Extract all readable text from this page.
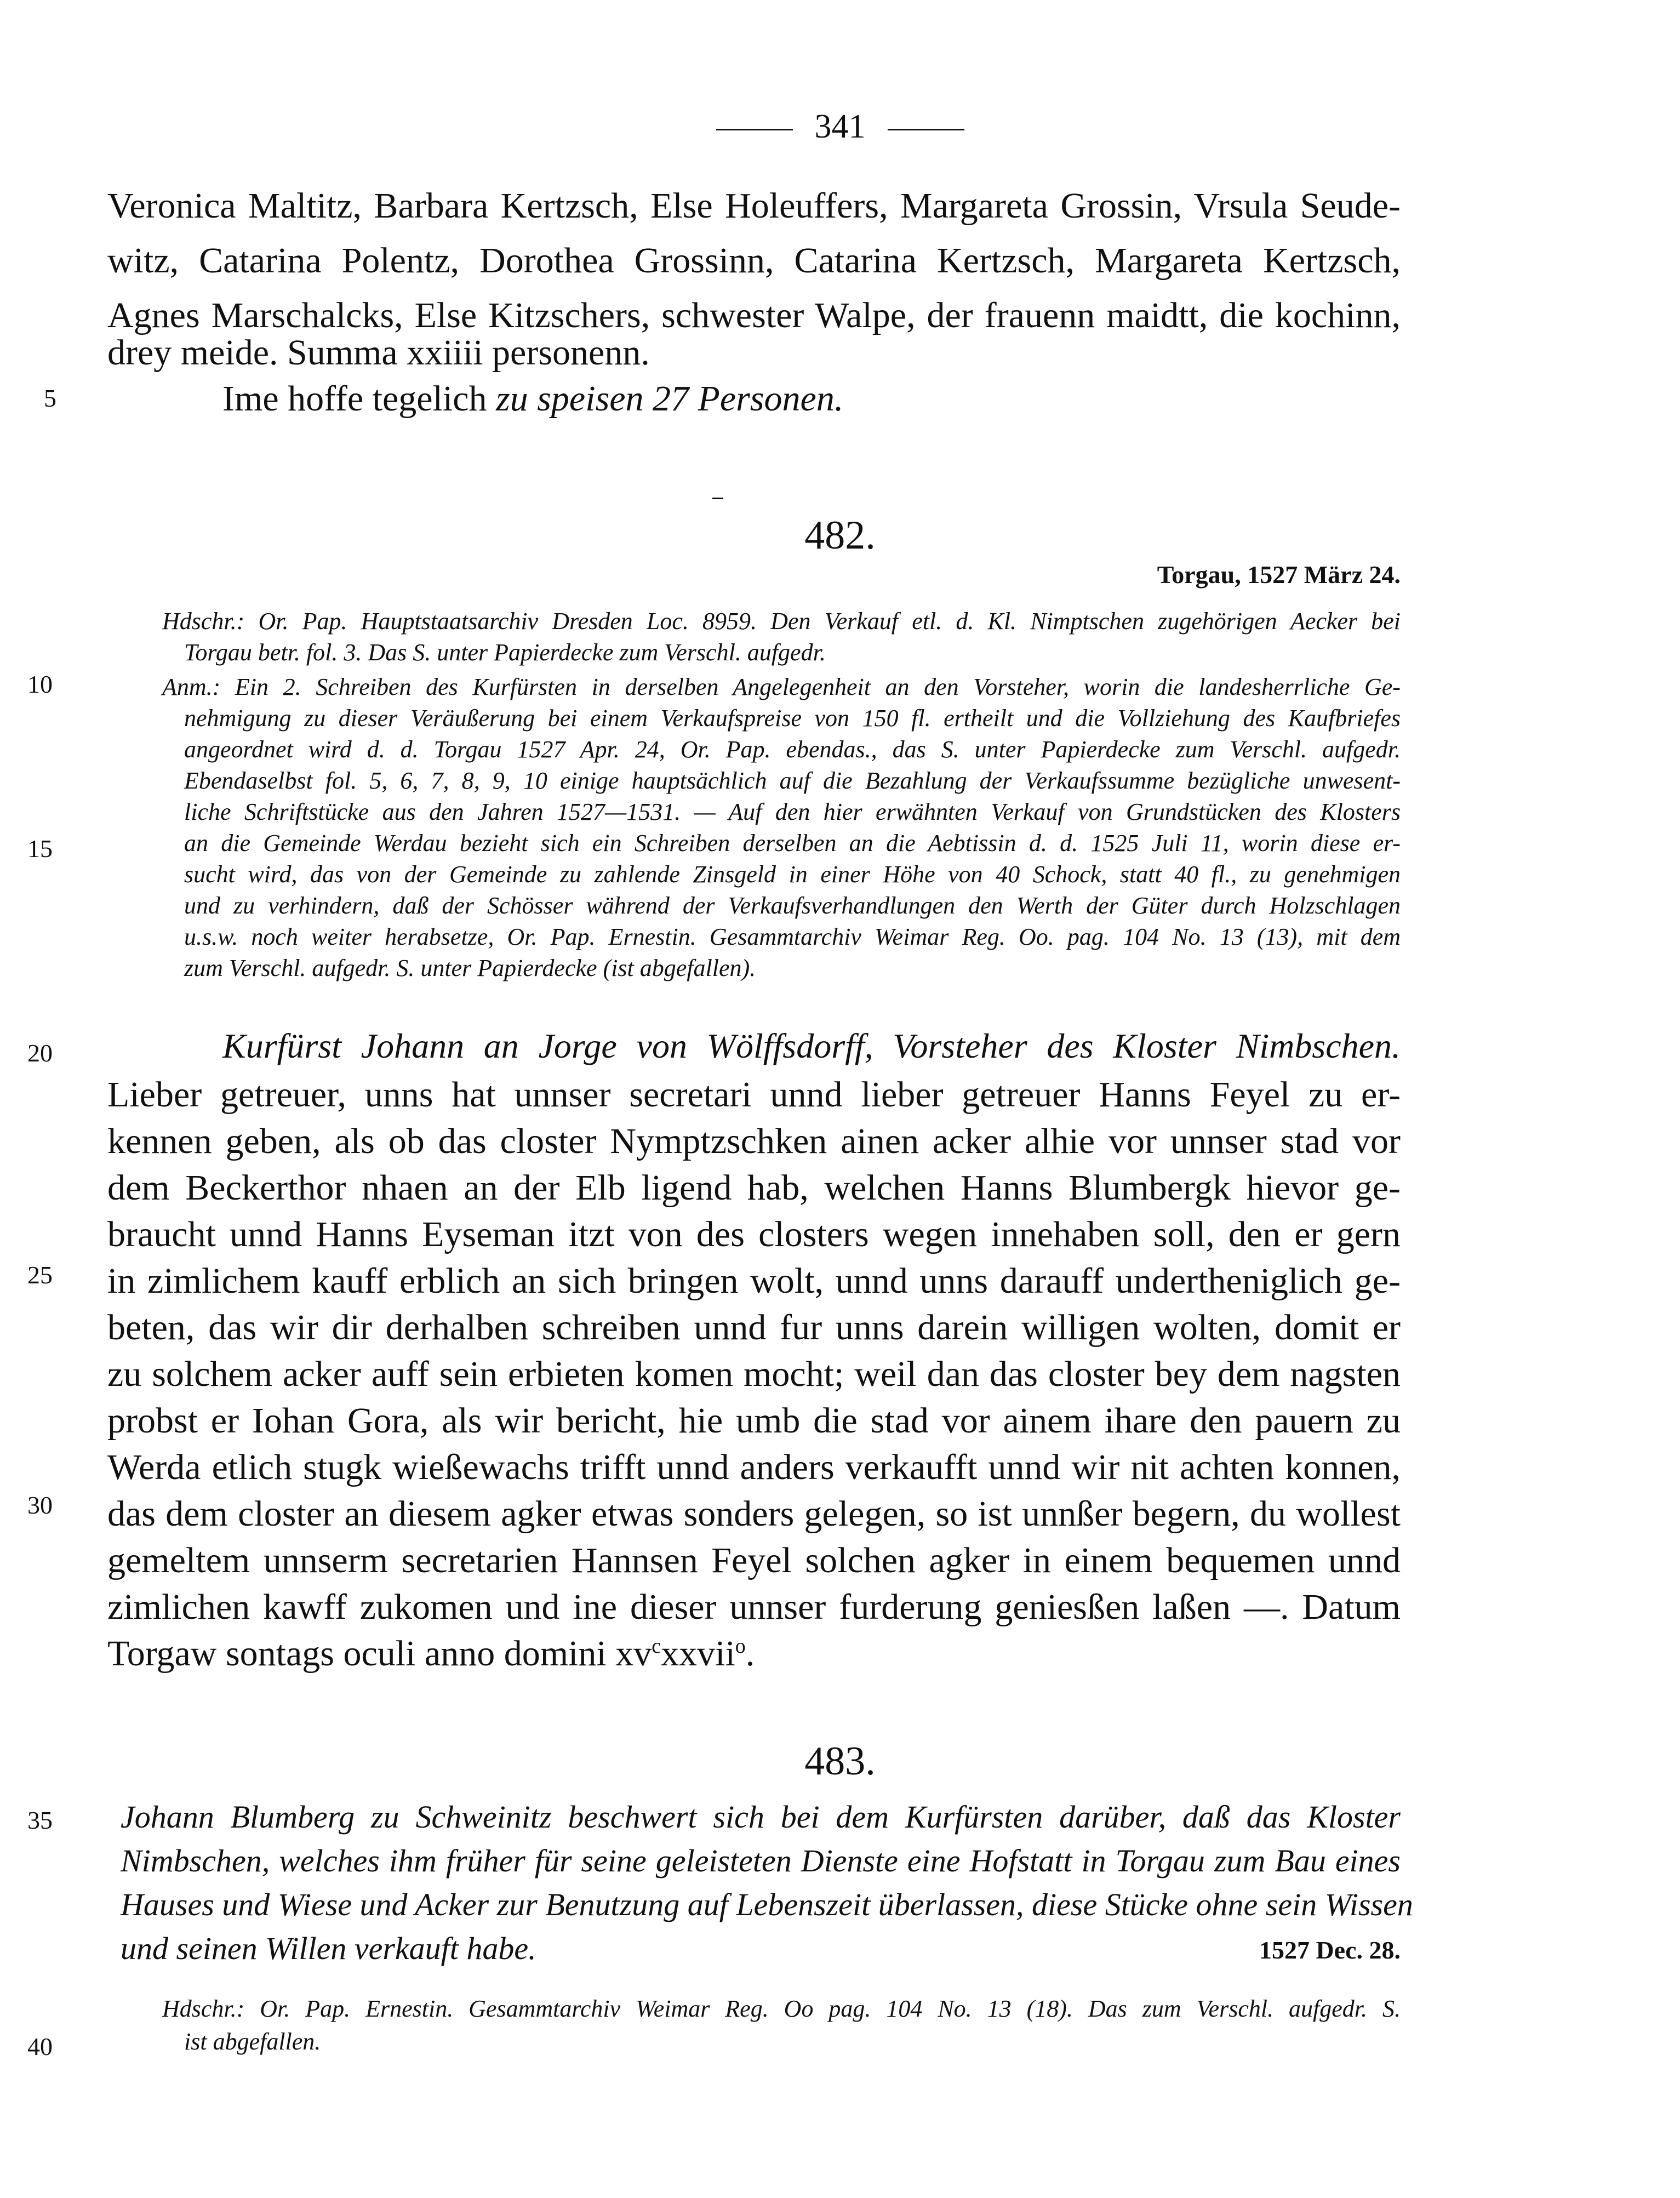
341
Veronica Maltitz, Barbara Kertzsch, Else Holeuffers, Margareta Grossin, Vrsula Seude-
witz, Catarina Polentz, Dorothea Grossinn, Catarina Kertzsch, Margareta Kertzsch,
Agnes Marschalcks, Else Kitzschers, schwester Walpe, der frauenn maidtt, die kochinn,
drey meide. Summa xxiiii personenn.
Ime hoffe tegelich zu speisen 27 Personen.
5
10
15
20
25
30
35
40
482.
Torgau, 1527 März 24.
Hdschr.: Or. Pap. Hauptstaatsarchiv Dresden Loc. 8959. Den Verkauf etl. d. Kl. Nimptschen zugehörigen Aecker bei
Torgau betr. fol. 3. Das S. unter Papierdecke zum Verschl. aufgedr.
Anm.: Ein 2. Schreiben des Kurfürsten in derselben Angelegenheit an den Vorsteher, worin die landesherrliche Ge-
nehmigung zu dieser Veräußerung bei einem Verkaufspreise von 150 fl. ertheilt und die Vollziehung des Kaufbriefes
angeordnet wird d. d. Torgau 1527 Apr. 24, Or. Pap. ebendas., das S. unter Papierdecke zum Verschl. aufgedr.
Ebendaselbst fol. 5, 6, 7, 8, 9, 10 einige hauptsächlich auf die Bezahlung der Verkaufssumme bezügliche unwesent-
liche Schriftstücke aus den Jahren 1527—1531. — Auf den hier erwähnten Verkauf von Grundstücken des Klosters
an die Gemeinde Werdau bezieht sich ein Schreiben derselben an die Aebtissin d. d. 1525 Juli 11, worin diese er-
sucht wird, das von der Gemeinde zu zahlende Zinsgeld in einer Höhe von 40 Schock, statt 40 fl., zu genehmigen
und zu verhindern, daß der Schösser während der Verkaufsverhandlungen den Werth der Güter durch Holzschlagen
u.s.w. noch weiter herabsetze, Or. Pap. Ernestin. Gesammtarchiv Weimar Reg. Oo. pag. 104 No. 13 (13), mit dem
zum Verschl. aufgedr. S. unter Papierdecke (ist abgefallen).
Kurfürst Johann an Jorge von Wölffsdorff, Vorsteher des Kloster Nimbschen.
Lieber getreuer, unns hat unnser secretari unnd lieber getreuer Hanns Feyel zu er-
kennen geben, als ob das closter Nymptzschken ainen acker alhie vor unnser stad vor
dem Beckerthor nhaen an der Elb ligend hab, welchen Hanns Blumbergk hievor ge-
braucht unnd Hanns Eyseman itzt von des closters wegen innehaben soll, den er gern
in zimlichem kauff erblich an sich bringen wolt, unnd unns darauff undertheniglich ge-
beten, das wir dir derhalben schreiben unnd fur unns darein willigen wolten, domit er
zu solchem acker auff sein erbieten komen mocht; weil dan das closter bey dem nagsten
probst er Iohan Gora, als wir bericht, hie umb die stad vor ainem ihare den pauern zu
Werda etlich stugk wießewachs trifft unnd anders verkaufft unnd wir nit achten konnen,
das dem closter an diesem agker etwas sonders gelegen, so ist unnßer begern, du wollest
gemeltem unnserm secretarien Hannsen Feyel solchen agker in einem bequemen unnd
zimlichen kawff zukomen und ine dieser unnser furderung geniesßen laßen —. Datum
Torgaw sontags oculi anno domini $xv^cxxvii^o$.
483.
Johann Blumberg zu Schweinitz beschwert sich bei dem Kurfürsten darüber, daß das Kloster
Nimbschen, welches ihm früher für seine geleisteten Dienste eine Hofstatt in Torgau zum Bau eines
Hauses und Wiese und Acker zur Benutzung auf Lebenszeit überlassen, diese Stücke ohne sein Wissen
und seinen Willen verkauft habe.	1527 Dec. 28.
Hdschr.: Or. Pap. Ernestin. Gesammtarchiv Weimar Reg. Oo pag. 104 No. 13 (18). Das zum Verschl. aufgedr. S.
ist abgefallen.
